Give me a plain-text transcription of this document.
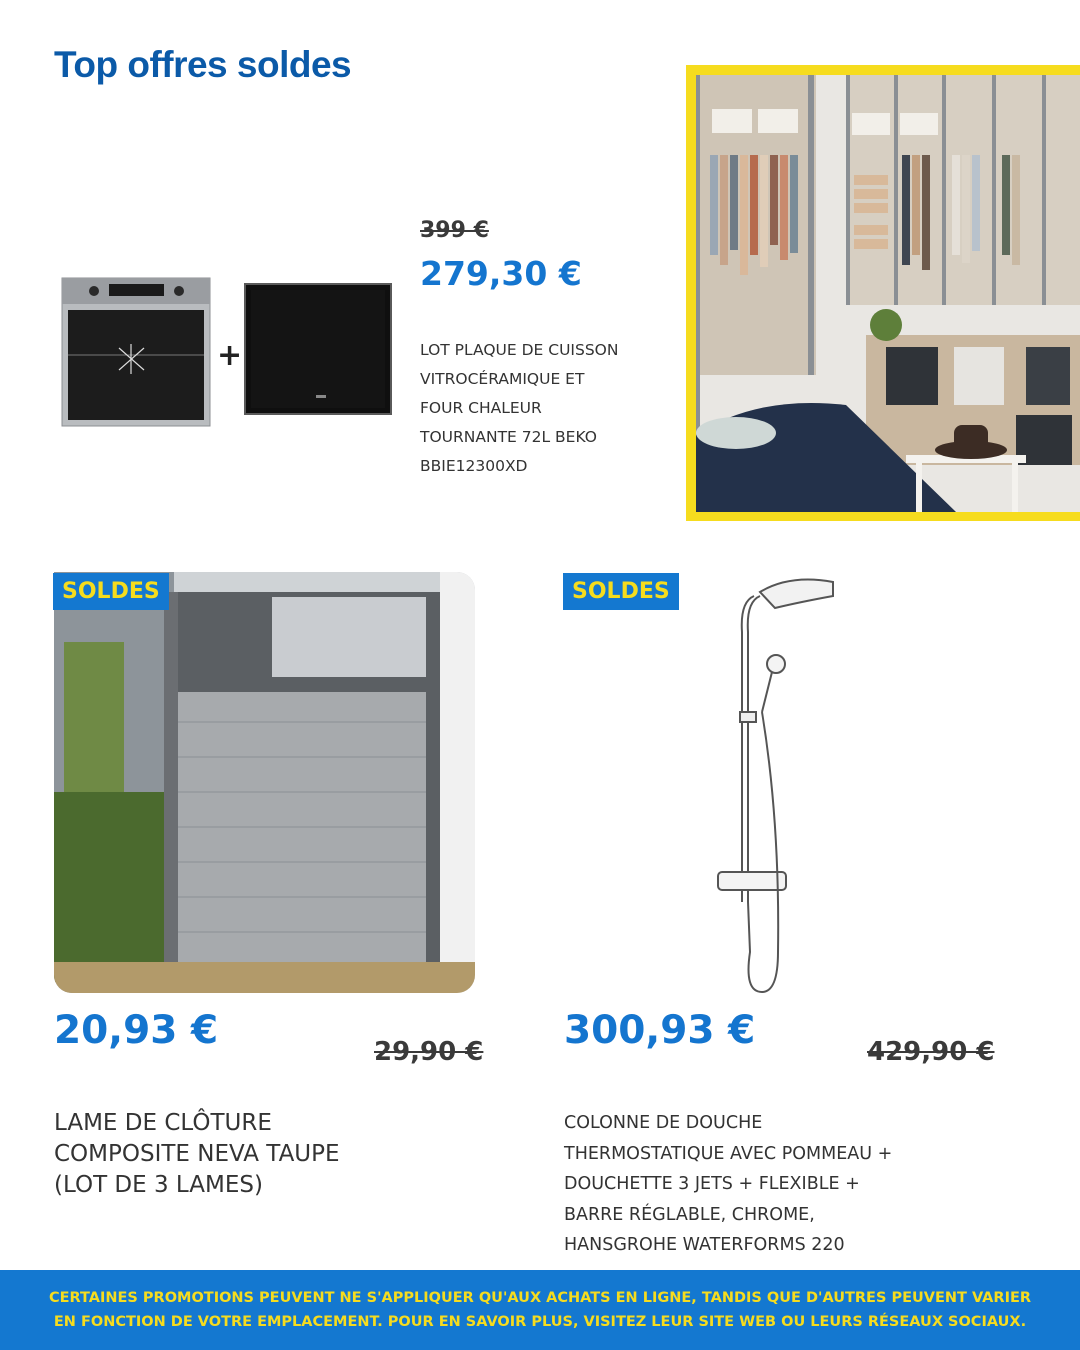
Top offres soldes
+
399 €
279,30 €
LOT PLAQUE DE CUISSON VITROCÉRAMIQUE ET FOUR CHALEUR TOURNANTE 72L BEKO BBIE12300XD
SOLDES
20,93 €	29,90 €
LAME DE CLÔTURE COMPOSITE NEVA TAUPE (LOT DE 3 LAMES)
SOLDES
300,93 €	429,90 €
COLONNE DE DOUCHE THERMOSTATIQUE AVEC POMMEAU + DOUCHETTE 3 JETS + FLEXIBLE + BARRE RÉGLABLE, CHROME, HANSGROHE WATERFORMS 220
CERTAINES PROMOTIONS PEUVENT NE S'APPLIQUER QU'AUX ACHATS EN LIGNE, TANDIS QUE D'AUTRES PEUVENT VARIER EN FONCTION DE VOTRE EMPLACEMENT. POUR EN SAVOIR PLUS, VISITEZ LEUR SITE WEB OU LEURS RÉSEAUX SOCIAUX.
